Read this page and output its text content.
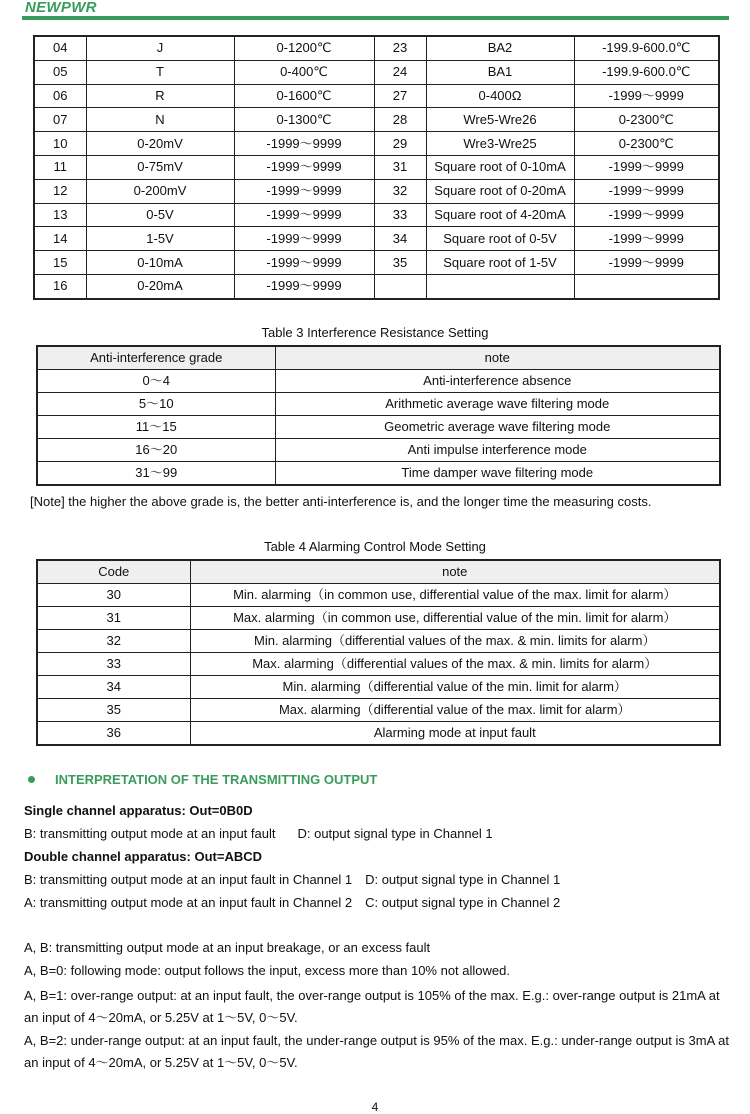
NEWPWR
04	J	0-1200℃	23	BA2	-199.9-600.0℃
05	T	0-400℃	24	BA1	-199.9-600.0℃
06	R	0-1600℃	27	0-400Ω	-1999～9999
07	N	0-1300℃	28	Wre5-Wre26	0-2300℃
10	0-20mV	-1999～9999	29	Wre3-Wre25	0-2300℃
11	0-75mV	-1999～9999	31	Square root of 0-10mA	-1999～9999
12	0-200mV	-1999～9999	32	Square root of 0-20mA	-1999～9999
13	0-5V	-1999～9999	33	Square root of 4-20mA	-1999～9999
14	1-5V	-1999～9999	34	Square root of 0-5V	-1999～9999
15	0-10mA	-1999～9999	35	Square root of 1-5V	-1999～9999
16	0-20mA	-1999～9999			
Table 3 Interference Resistance Setting
Anti-interference grade	note
0～4	Anti-interference absence
5～10	Arithmetic average wave filtering mode
11～15	Geometric average wave filtering mode
16～20	Anti impulse interference mode
31～99	Time damper wave filtering mode
[Note] the higher the above grade is, the better anti-interference is, and the longer time the measuring costs.
Table 4 Alarming Control Mode Setting
Code	note
30	Min. alarming（in common use, differential value of the max. limit for alarm）
31	Max. alarming（in common use, differential value of the min. limit for alarm）
32	Min. alarming（differential values of the max. & min. limits for alarm）
33	Max. alarming（differential values of the max. & min. limits for alarm）
34	Min. alarming（differential value of the min. limit for alarm）
35	Max. alarming（differential value of the max. limit for alarm）
36	Alarming mode at input fault
INTERPRETATION OF THE TRANSMITTING OUTPUT
Single channel apparatus: Out=0B0D
B: transmitting output mode at an input fault D: output signal type in Channel 1
Double channel apparatus: Out=ABCD
B: transmitting output mode at an input fault in Channel 1 D: output signal type in Channel 1
A: transmitting output mode at an input fault in Channel 2 C: output signal type in Channel 2
A, B: transmitting output mode at an input breakage, or an excess fault
A, B=0: following mode: output follows the input, excess more than 10% not allowed.
A, B=1: over-range output: at an input fault, the over-range output is 105% of the max. E.g.: over-range output is 21mA at an input of 4～20mA, or 5.25V at 1～5V, 0～5V.
A, B=2: under-range output: at an input fault, the under-range output is 95% of the max. E.g.: under-range output is 3mA at an input of 4～20mA, or 5.25V at 1～5V, 0～5V.
4
